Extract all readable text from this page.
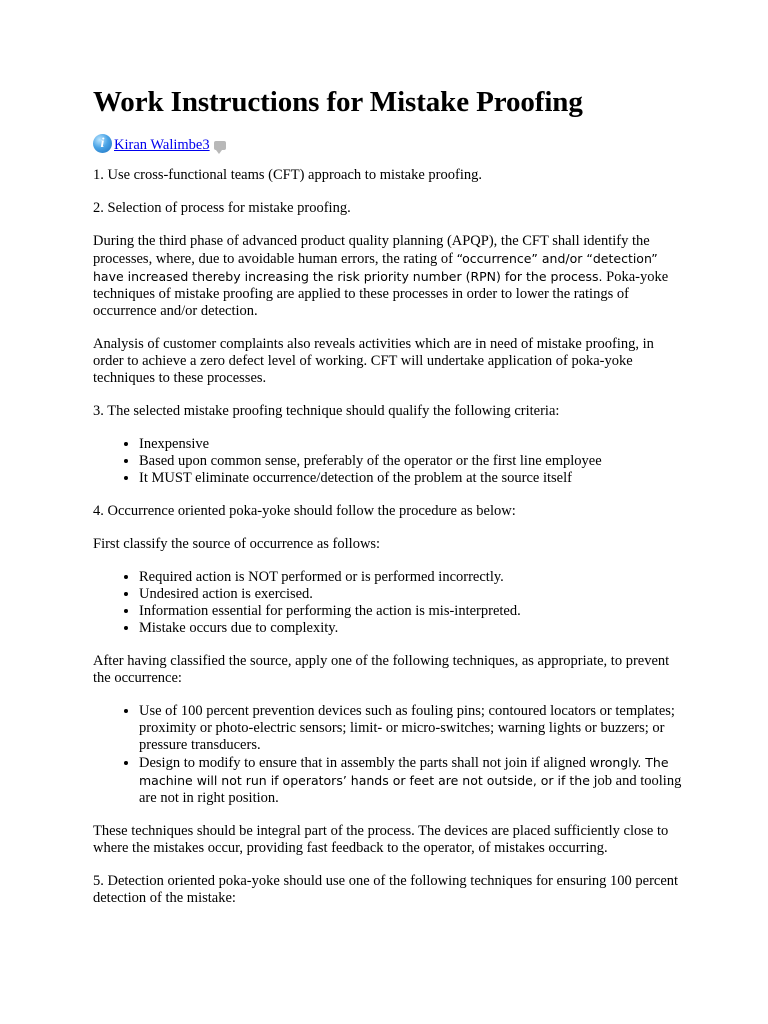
Work Instructions for Mistake Proofing
i Kiran Walimbe3

1. Use cross-functional teams (CFT) approach to mistake proofing.

2. Selection of process for mistake proofing.

During the third phase of advanced product quality planning (APQP), the CFT shall identify the processes, where, due to avoidable human errors, the rating of “occurrence” and/or “detection” have increased thereby increasing the risk priority number (RPN) for the process. Poka-yoke techniques of mistake proofing are applied to these processes in order to lower the ratings of occurrence and/or detection.

Analysis of customer complaints also reveals activities which are in need of mistake proofing, in order to achieve a zero defect level of working. CFT will undertake application of poka-yoke techniques to these processes.

3. The selected mistake proofing technique should qualify the following criteria:

• Inexpensive
• Based upon common sense, preferably of the operator or the first line employee
• It MUST eliminate occurrence/detection of the problem at the source itself

4. Occurrence oriented poka-yoke should follow the procedure as below:

First classify the source of occurrence as follows:

• Required action is NOT performed or is performed incorrectly.
• Undesired action is exercised.
• Information essential for performing the action is mis-interpreted.
• Mistake occurs due to complexity.

After having classified the source, apply one of the following techniques, as appropriate, to prevent the occurrence:

• Use of 100 percent prevention devices such as fouling pins; contoured locators or templates; proximity or photo-electric sensors; limit- or micro-switches; warning lights or buzzers; or pressure transducers.
• Design to modify to ensure that in assembly the parts shall not join if aligned wrongly. The machine will not run if operators’ hands or feet are not outside, or if the job and tooling are not in right position.

These techniques should be integral part of the process. The devices are placed sufficiently close to where the mistakes occur, providing fast feedback to the operator, of mistakes occurring.

5. Detection oriented poka-yoke should use one of the following techniques for ensuring 100 percent detection of the mistake:
